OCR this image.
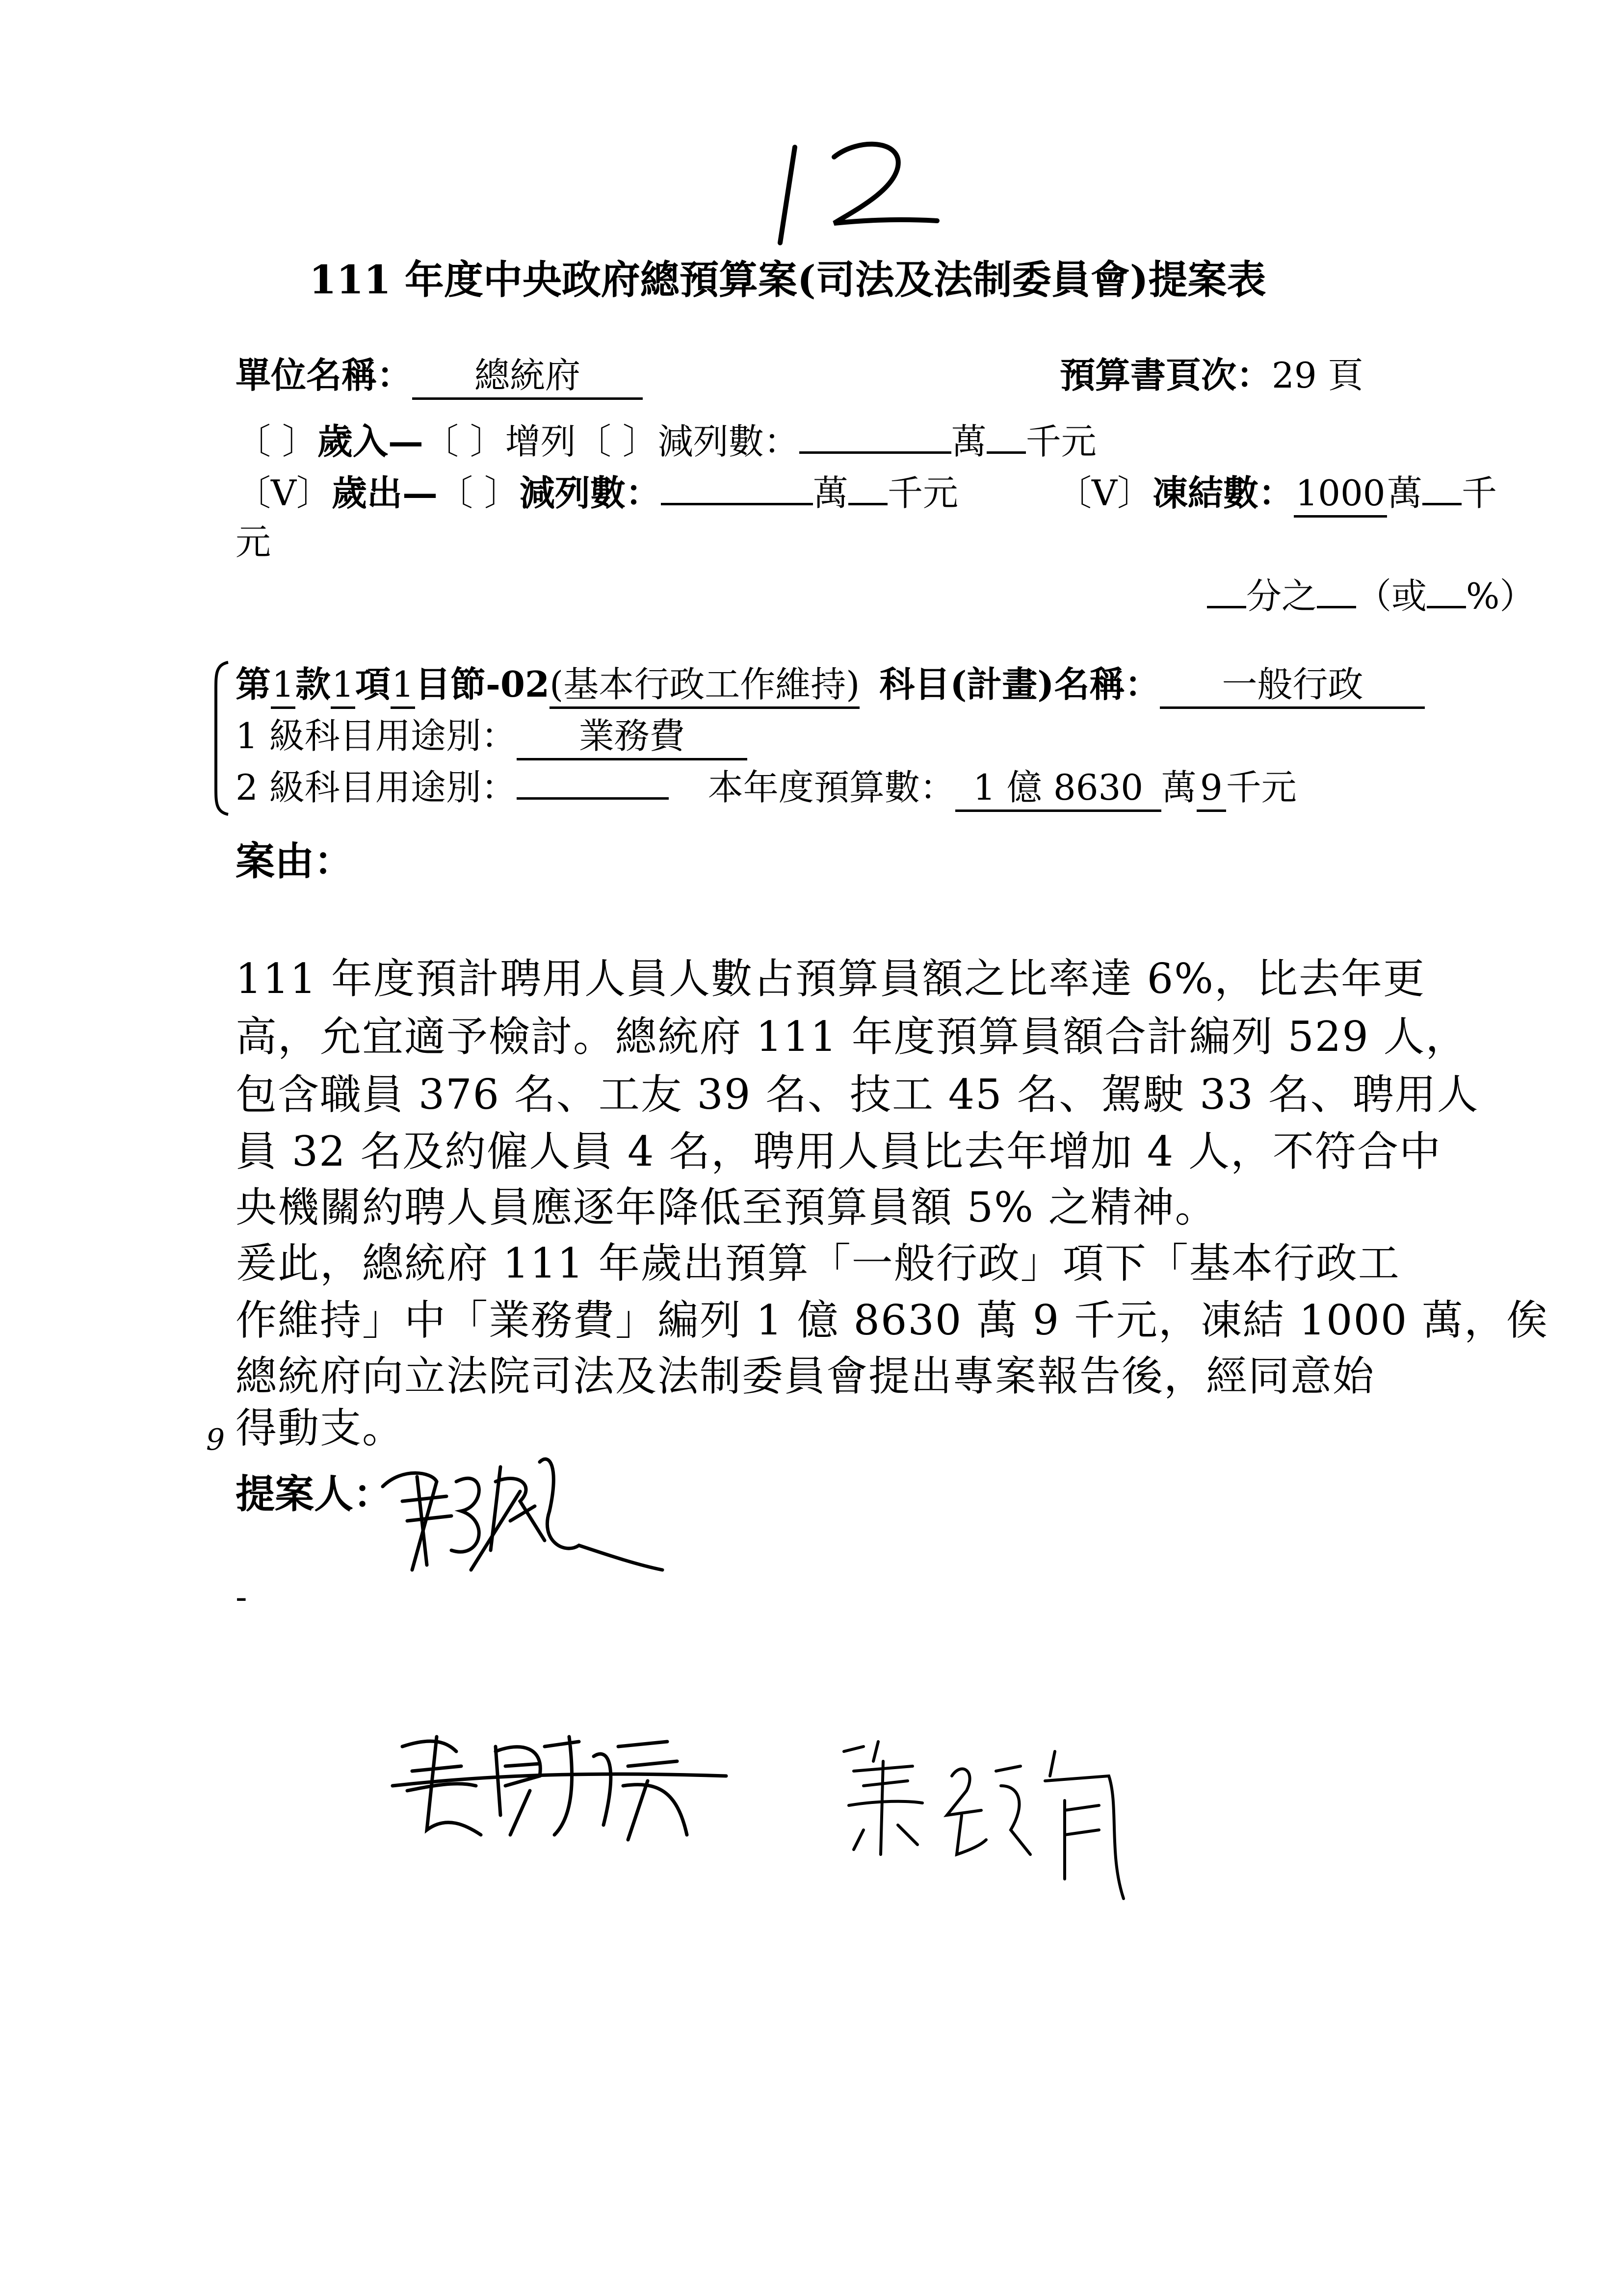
111 年度中央政府總預算案(司法及法制委員會)提案表
單位名稱： 總統府	預算書頁次：29 頁
〔 〕歲入—〔 〕增列〔 〕減列數：	萬 千元
〔V〕歲出—〔 〕減列數：	萬 千元	〔V〕凍結數：1000萬 千
元
分之 （或 %）
第1款1項1目節-02(基本行政工作維持) 科目(計畫)名稱： 一般行政
1 級科目用途別： 業務費
2 級科目用途別：	本年度預算數： 1 億 8630 萬9千元
案由：
111 年度預計聘用人員人數占預算員額之比率達 6%，比去年更
高，允宜適予檢討。總統府 111 年度預算員額合計編列 529 人，
包含職員 376 名、工友 39 名、技工 45 名、駕駛 33 名、聘用人
員 32 名及約僱人員 4 名，聘用人員比去年增加 4 人，不符合中
央機關約聘人員應逐年降低至預算員額 5% 之精神。
爰此，總統府 111 年歲出預算「一般行政」項下「基本行政工
作維持」中「業務費」編列 1 億 8630 萬 9 千元，凍結 1000 萬，俟
總統府向立法院司法及法制委員會提出專案報告後，經同意始
得動支。
9
提案人：
-
